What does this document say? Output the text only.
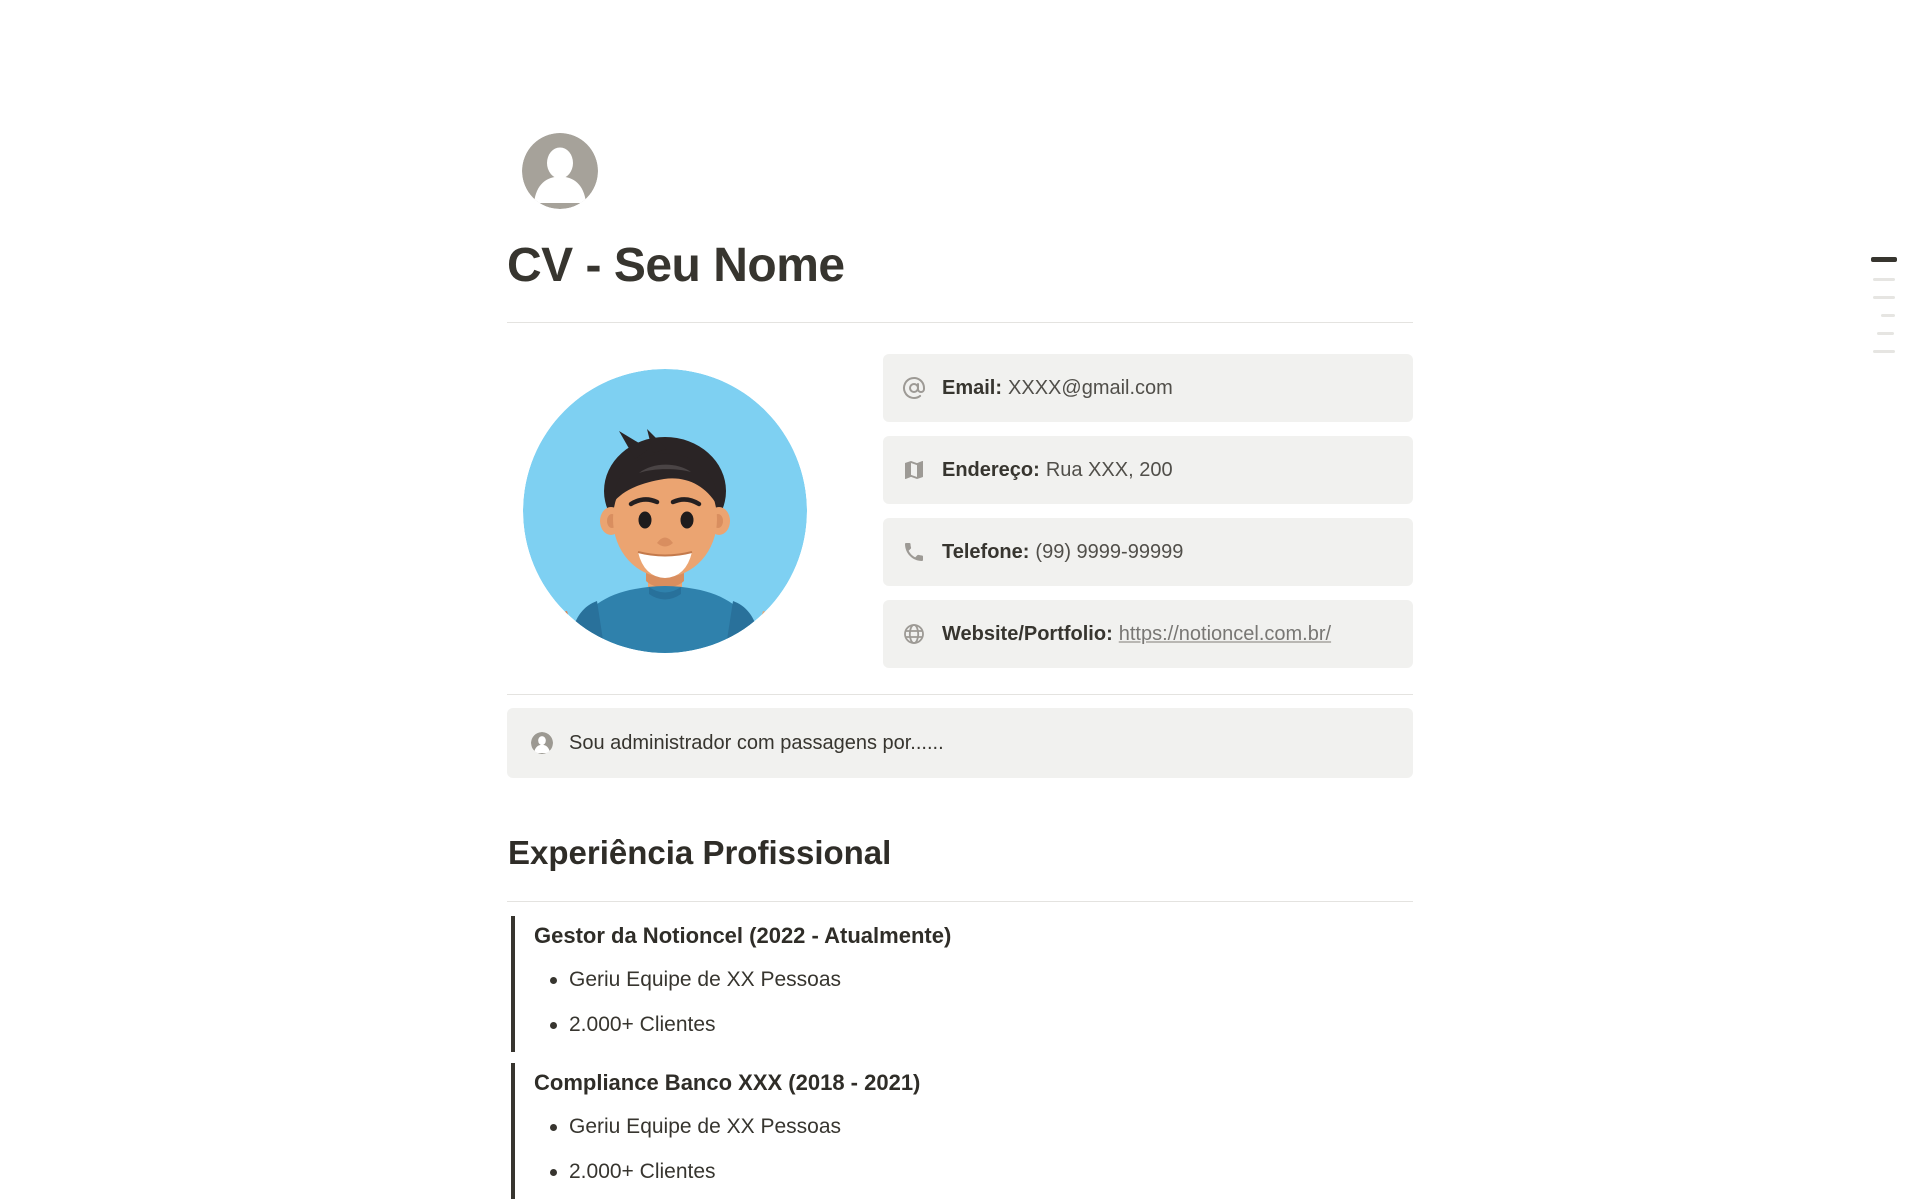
CV - Seu Nome
Email: XXXX@gmail.com
Endereço: Rua XXX, 200
Telefone: (99) 9999-99999
Website/Portfolio: https://notioncel.com.br/
Sou administrador com passagens por......
Experiência Profissional
Gestor da Notioncel (2022 - Atualmente)
Geriu Equipe de XX Pessoas
2.000+ Clientes
Compliance Banco XXX (2018 - 2021)
Geriu Equipe de XX Pessoas
2.000+ Clientes
